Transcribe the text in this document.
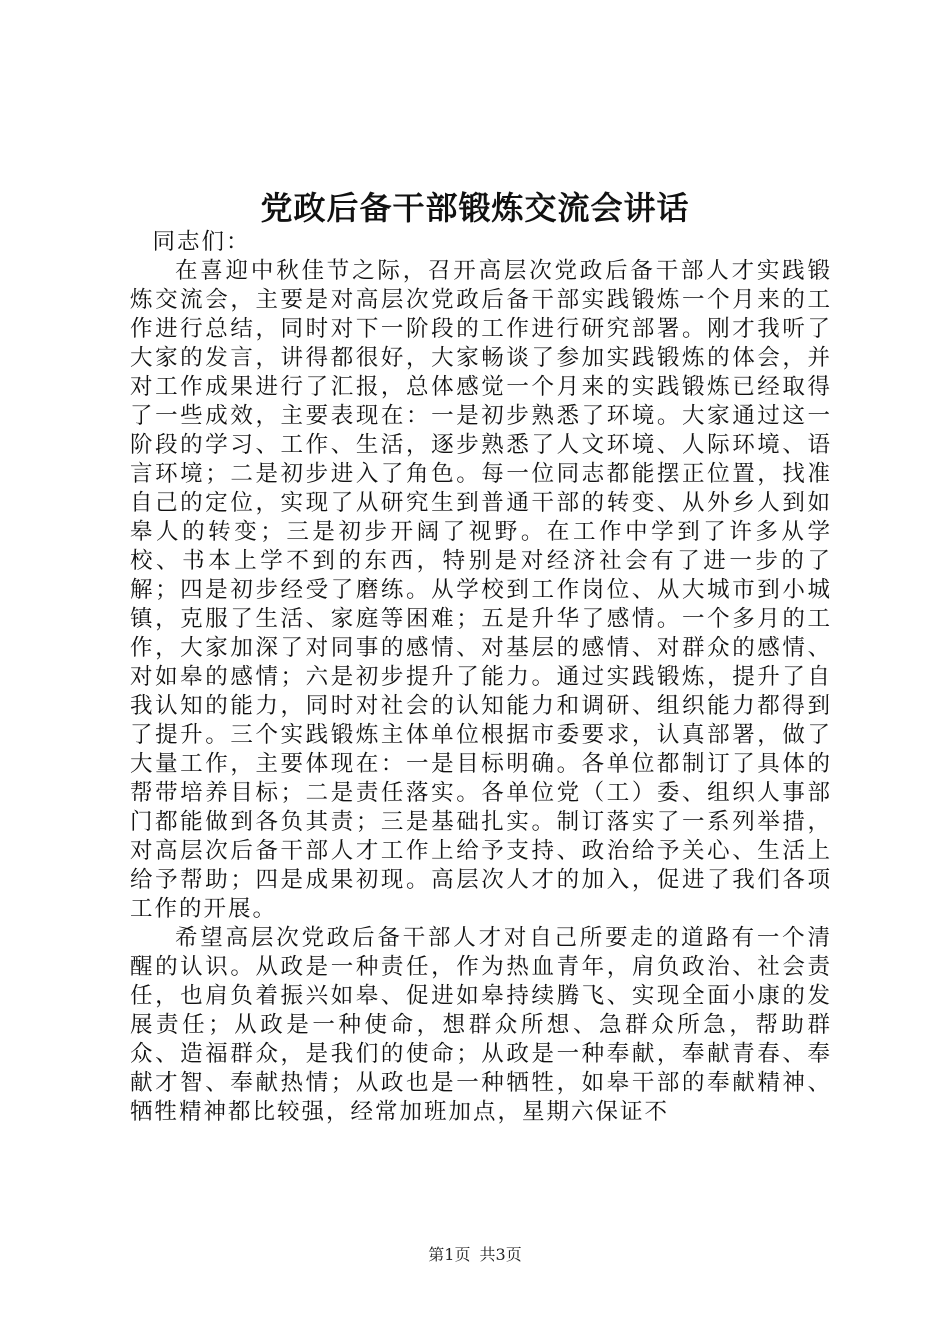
党政后备干部锻炼交流会讲话

同志们：

在喜迎中秋佳节之际，召开高层次党政后备干部人才实践锻炼交流会，主要是对高层次党政后备干部实践锻炼一个月来的工作进行总结，同时对下一阶段的工作进行研究部署。刚才我听了大家的发言，讲得都很好，大家畅谈了参加实践锻炼的体会，并对工作成果进行了汇报，总体感觉一个月来的实践锻炼已经取得了一些成效，主要表现在：一是初步熟悉了环境。大家通过这一阶段的学习、工作、生活，逐步熟悉了人文环境、人际环境、语言环境；二是初步进入了角色。每一位同志都能摆正位置，找准自己的定位，实现了从研究生到普通干部的转变、从外乡人到如皋人的转变；三是初步开阔了视野。在工作中学到了许多从学校、书本上学不到的东西，特别是对经济社会有了进一步的了解；四是初步经受了磨练。从学校到工作岗位、从大城市到小城镇，克服了生活、家庭等困难；五是升华了感情。一个多月的工作，大家加深了对同事的感情、对基层的感情、对群众的感情、对如皋的感情；六是初步提升了能力。通过实践锻炼，提升了自我认知的能力，同时对社会的认知能力和调研、组织能力都得到了提升。三个实践锻炼主体单位根据市委要求，认真部署，做了大量工作，主要体现在：一是目标明确。各单位都制订了具体的帮带培养目标；二是责任落实。各单位党（工）委、组织人事部门都能做到各负其责；三是基础扎实。制订落实了一系列举措，对高层次后备干部人才工作上给予支持、政治给予关心、生活上给予帮助；四是成果初现。高层次人才的加入，促进了我们各项工作的开展。

希望高层次党政后备干部人才对自己所要走的道路有一个清醒的认识。从政是一种责任，作为热血青年，肩负政治、社会责任，也肩负着振兴如皋、促进如皋持续腾飞、实现全面小康的发展责任；从政是一种使命，想群众所想、急群众所急，帮助群众、造福群众，是我们的使命；从政是一种奉献，奉献青春、奉献才智、奉献热情；从政也是一种牺牲，如皋干部的奉献精神、牺牲精神都比较强，经常加班加点，星期六保证不

第1页 共3页
